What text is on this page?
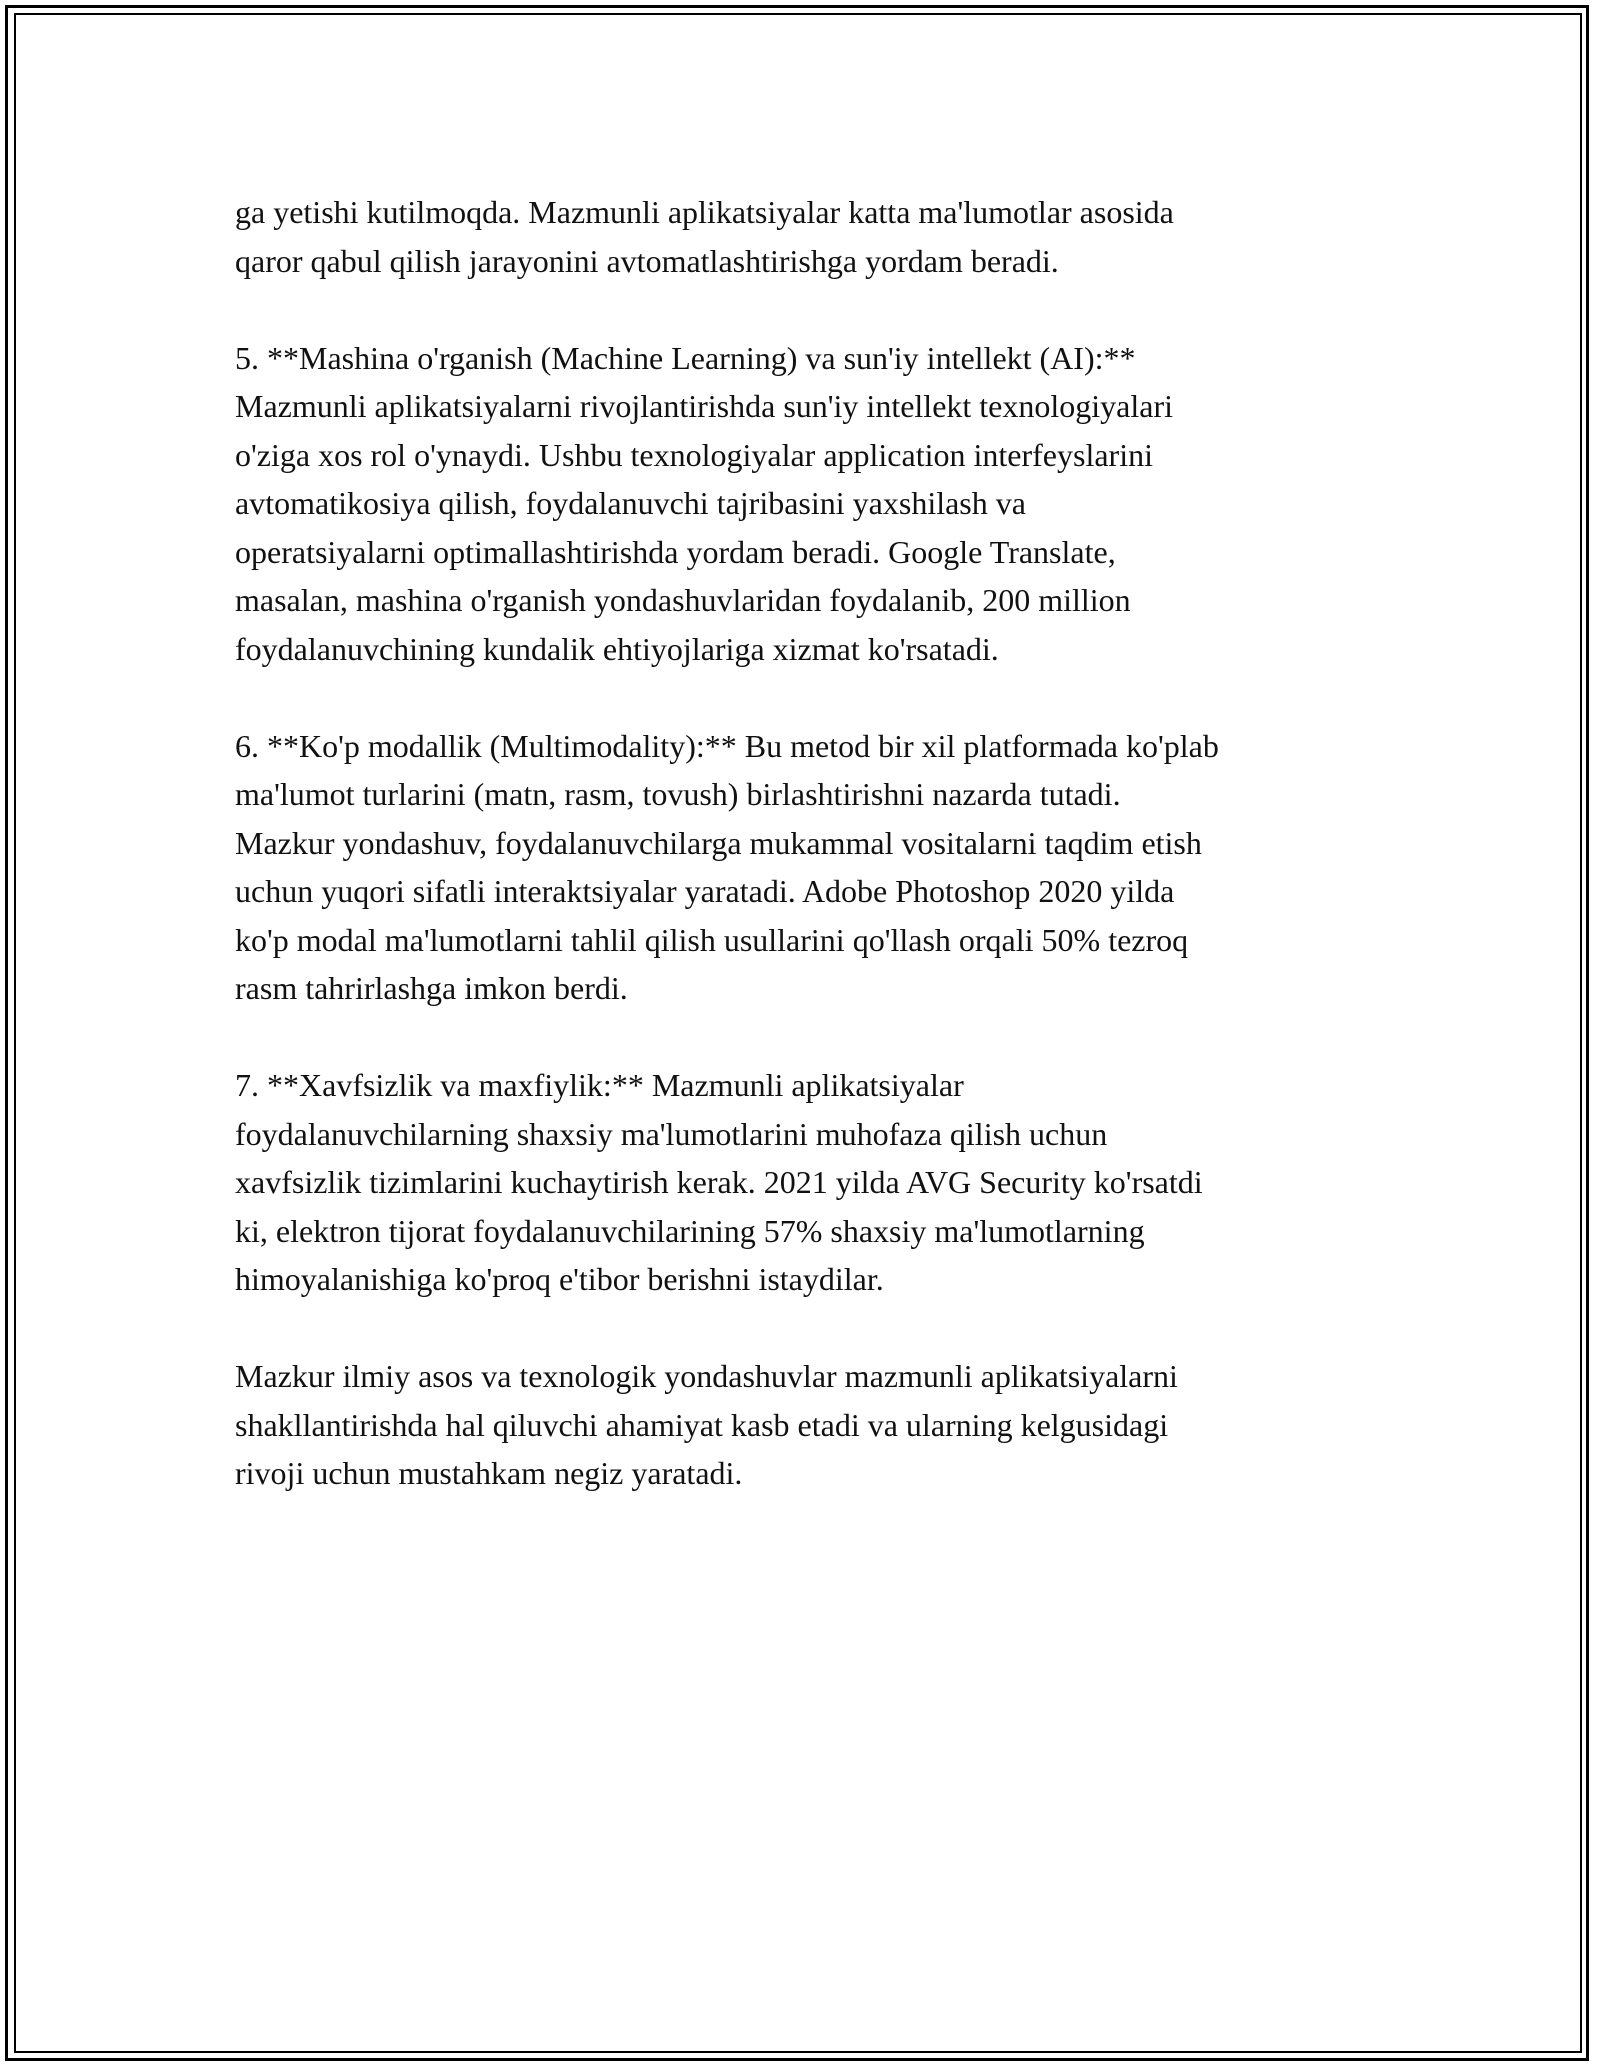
ga yetishi kutilmoqda. Mazmunli aplikatsiyalar katta ma'lumotlar asosida
qaror qabul qilish jarayonini avtomatlashtirishga yordam beradi.

5. **Mashina o'rganish (Machine Learning) va sun'iy intellekt (AI):**
Mazmunli aplikatsiyalarni rivojlantirishda sun'iy intellekt texnologiyalari
o'ziga xos rol o'ynaydi. Ushbu texnologiyalar application interfeyslarini
avtomatikosiya qilish, foydalanuvchi tajribasini yaxshilash va
operatsiyalarni optimallashtirishda yordam beradi. Google Translate,
masalan, mashina o'rganish yondashuvlaridan foydalanib, 200 million
foydalanuvchining kundalik ehtiyojlariga xizmat ko'rsatadi.

6. **Ko'p modallik (Multimodality):** Bu metod bir xil platformada ko'plab
ma'lumot turlarini (matn, rasm, tovush) birlashtirishni nazarda tutadi.
Mazkur yondashuv, foydalanuvchilarga mukammal vositalarni taqdim etish
uchun yuqori sifatli interaktsiyalar yaratadi. Adobe Photoshop 2020 yilda
ko'p modal ma'lumotlarni tahlil qilish usullarini qo'llash orqali 50% tezroq
rasm tahrirlashga imkon berdi.

7. **Xavfsizlik va maxfiylik:** Mazmunli aplikatsiyalar
foydalanuvchilarning shaxsiy ma'lumotlarini muhofaza qilish uchun
xavfsizlik tizimlarini kuchaytirish kerak. 2021 yilda AVG Security ko'rsatdi
ki, elektron tijorat foydalanuvchilarining 57% shaxsiy ma'lumotlarning
himoyalanishiga ko'proq e'tibor berishni istaydilar.

Mazkur ilmiy asos va texnologik yondashuvlar mazmunli aplikatsiyalarni
shakllantirishda hal qiluvchi ahamiyat kasb etadi va ularning kelgusidagi
rivoji uchun mustahkam negiz yaratadi.
